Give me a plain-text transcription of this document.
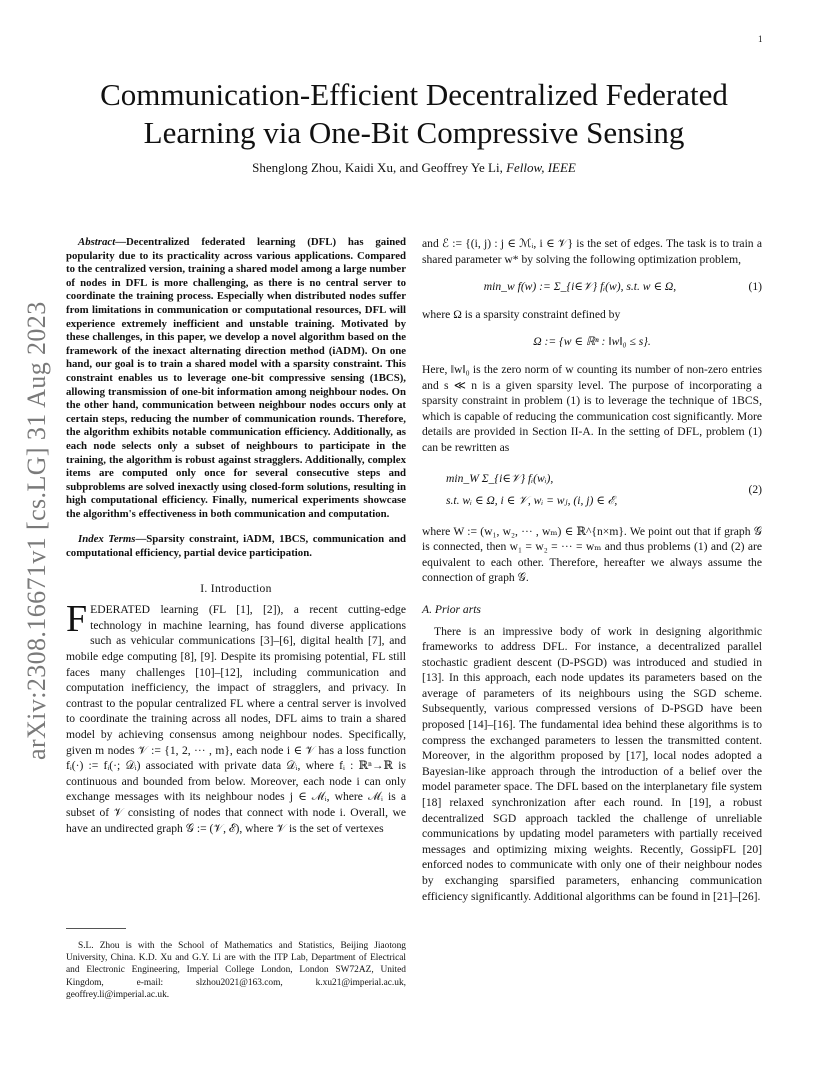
1
arXiv:2308.16671v1 [cs.LG] 31 Aug 2023
Communication-Efficient Decentralized Federated Learning via One-Bit Compressive Sensing
Shenglong Zhou, Kaidi Xu, and Geoffrey Ye Li, Fellow, IEEE

Abstract—Decentralized federated learning (DFL) has gained popularity due to its practicality across various applications. Compared to the centralized version, training a shared model among a large number of nodes in DFL is more challenging, as there is no central server to coordinate the training process. Especially when distributed nodes suffer from limitations in communication or computational resources, DFL will experience extremely inefficient and unstable training. Motivated by these challenges, in this paper, we develop a novel algorithm based on the framework of the inexact alternating direction method (iADM). On one hand, our goal is to train a shared model with a sparsity constraint. This constraint enables us to leverage one-bit compressive sensing (1BCS), allowing transmission of one-bit information among neighbour nodes. On the other hand, communication between neighbour nodes occurs only at certain steps, reducing the number of communication rounds. Therefore, the algorithm exhibits notable communication efficiency. Additionally, as each node selects only a subset of neighbours to participate in the training, the algorithm is robust against stragglers. Additionally, complex items are computed only once for several consecutive steps and subproblems are solved inexactly using closed-form solutions, resulting in high computational efficiency. Finally, numerical experiments showcase the algorithm's effectiveness in both communication and computation.

Index Terms—Sparsity constraint, iADM, 1BCS, communication and computational efficiency, partial device participation.

I. Introduction

FEDERATED learning (FL [1], [2]), a recent cutting-edge technology in machine learning, has found diverse applications such as vehicular communications [3]–[6], digital health [7], and mobile edge computing [8], [9]. Despite its promising potential, FL still faces many challenges [10]–[12], including communication and computation inefficiency, the impact of stragglers, and privacy. In contrast to the popular centralized FL where a central server is involved to coordinate the training across all nodes, DFL aims to train a shared model by achieving consensus among neighbour nodes. Specifically, given m nodes 𝒱 := {1, 2, ··· , m}, each node i ∈ 𝒱 has a loss function fᵢ(·) := fᵢ(·; 𝒟ᵢ) associated with private data 𝒟ᵢ, where fᵢ : ℝⁿ→ℝ is continuous and bounded from below. Moreover, each node i can only exchange messages with its neighbour nodes j ∈ ℳᵢ, where ℳᵢ is a subset of 𝒱 consisting of nodes that connect with node i. Overall, we have an undirected graph 𝒢 := (𝒱, ℰ), where 𝒱 is the set of vertexes

S.L. Zhou is with the School of Mathematics and Statistics, Beijing Jiaotong University, China. K.D. Xu and G.Y. Li are with the ITP Lab, Department of Electrical and Electronic Engineering, Imperial College London, London SW72AZ, United Kingdom, e-mail: slzhou2021@163.com, k.xu21@imperial.ac.uk, geoffrey.li@imperial.ac.uk.

and ℰ := {(i, j) : j ∈ ℳᵢ, i ∈ 𝒱} is the set of edges. The task is to train a shared parameter w* by solving the following optimization problem,

min_w f(w) := Σ_{i∈𝒱} fᵢ(w), s.t. w ∈ Ω,	(1)

where Ω is a sparsity constraint defined by

Ω := {w ∈ ℝⁿ : ‖w‖₀ ≤ s}.

Here, ‖w‖₀ is the zero norm of w counting its number of non-zero entries and s ≪ n is a given sparsity level. The purpose of incorporating a sparsity constraint in problem (1) is to leverage the technique of 1BCS, which is capable of reducing the communication cost significantly. More details are provided in Section II-A. In the setting of DFL, problem (1) can be rewritten as

min_W Σ_{i∈𝒱} fᵢ(wᵢ),
s.t. wᵢ ∈ Ω, i ∈ 𝒱, wᵢ = wⱼ, (i, j) ∈ ℰ,
(2)

where W := (w₁, w₂, ··· , wₘ) ∈ ℝ^{n×m}. We point out that if graph 𝒢 is connected, then w₁ = w₂ = ··· = wₘ and thus problems (1) and (2) are equivalent to each other. Therefore, hereafter we always assume the connection of graph 𝒢.

A. Prior arts

There is an impressive body of work in designing algorithmic frameworks to address DFL. For instance, a decentralized parallel stochastic gradient descent (D-PSGD) was introduced and studied in [13]. In this approach, each node updates its parameters based on the average of parameters of its neighbours using the SGD scheme. Subsequently, various compressed versions of D-PSGD have been proposed [14]–[16]. The fundamental idea behind these algorithms is to compress the exchanged parameters to lessen the transmitted content. Moreover, in the algorithm proposed by [17], local nodes adopted a Bayesian-like approach through the introduction of a belief over the model parameter space. The DFL based on the interplanetary file system [18] relaxed synchronization after each round. In [19], a robust decentralized SGD approach tackled the challenge of unreliable communications by updating model parameters with partially received messages and optimizing mixing weights. Recently, GossipFL [20] enforced nodes to communicate with only one of their neighbour nodes by exchanging sparsified parameters, enhancing communication efficiency significantly. Additional algorithms can be found in [21]–[26].
